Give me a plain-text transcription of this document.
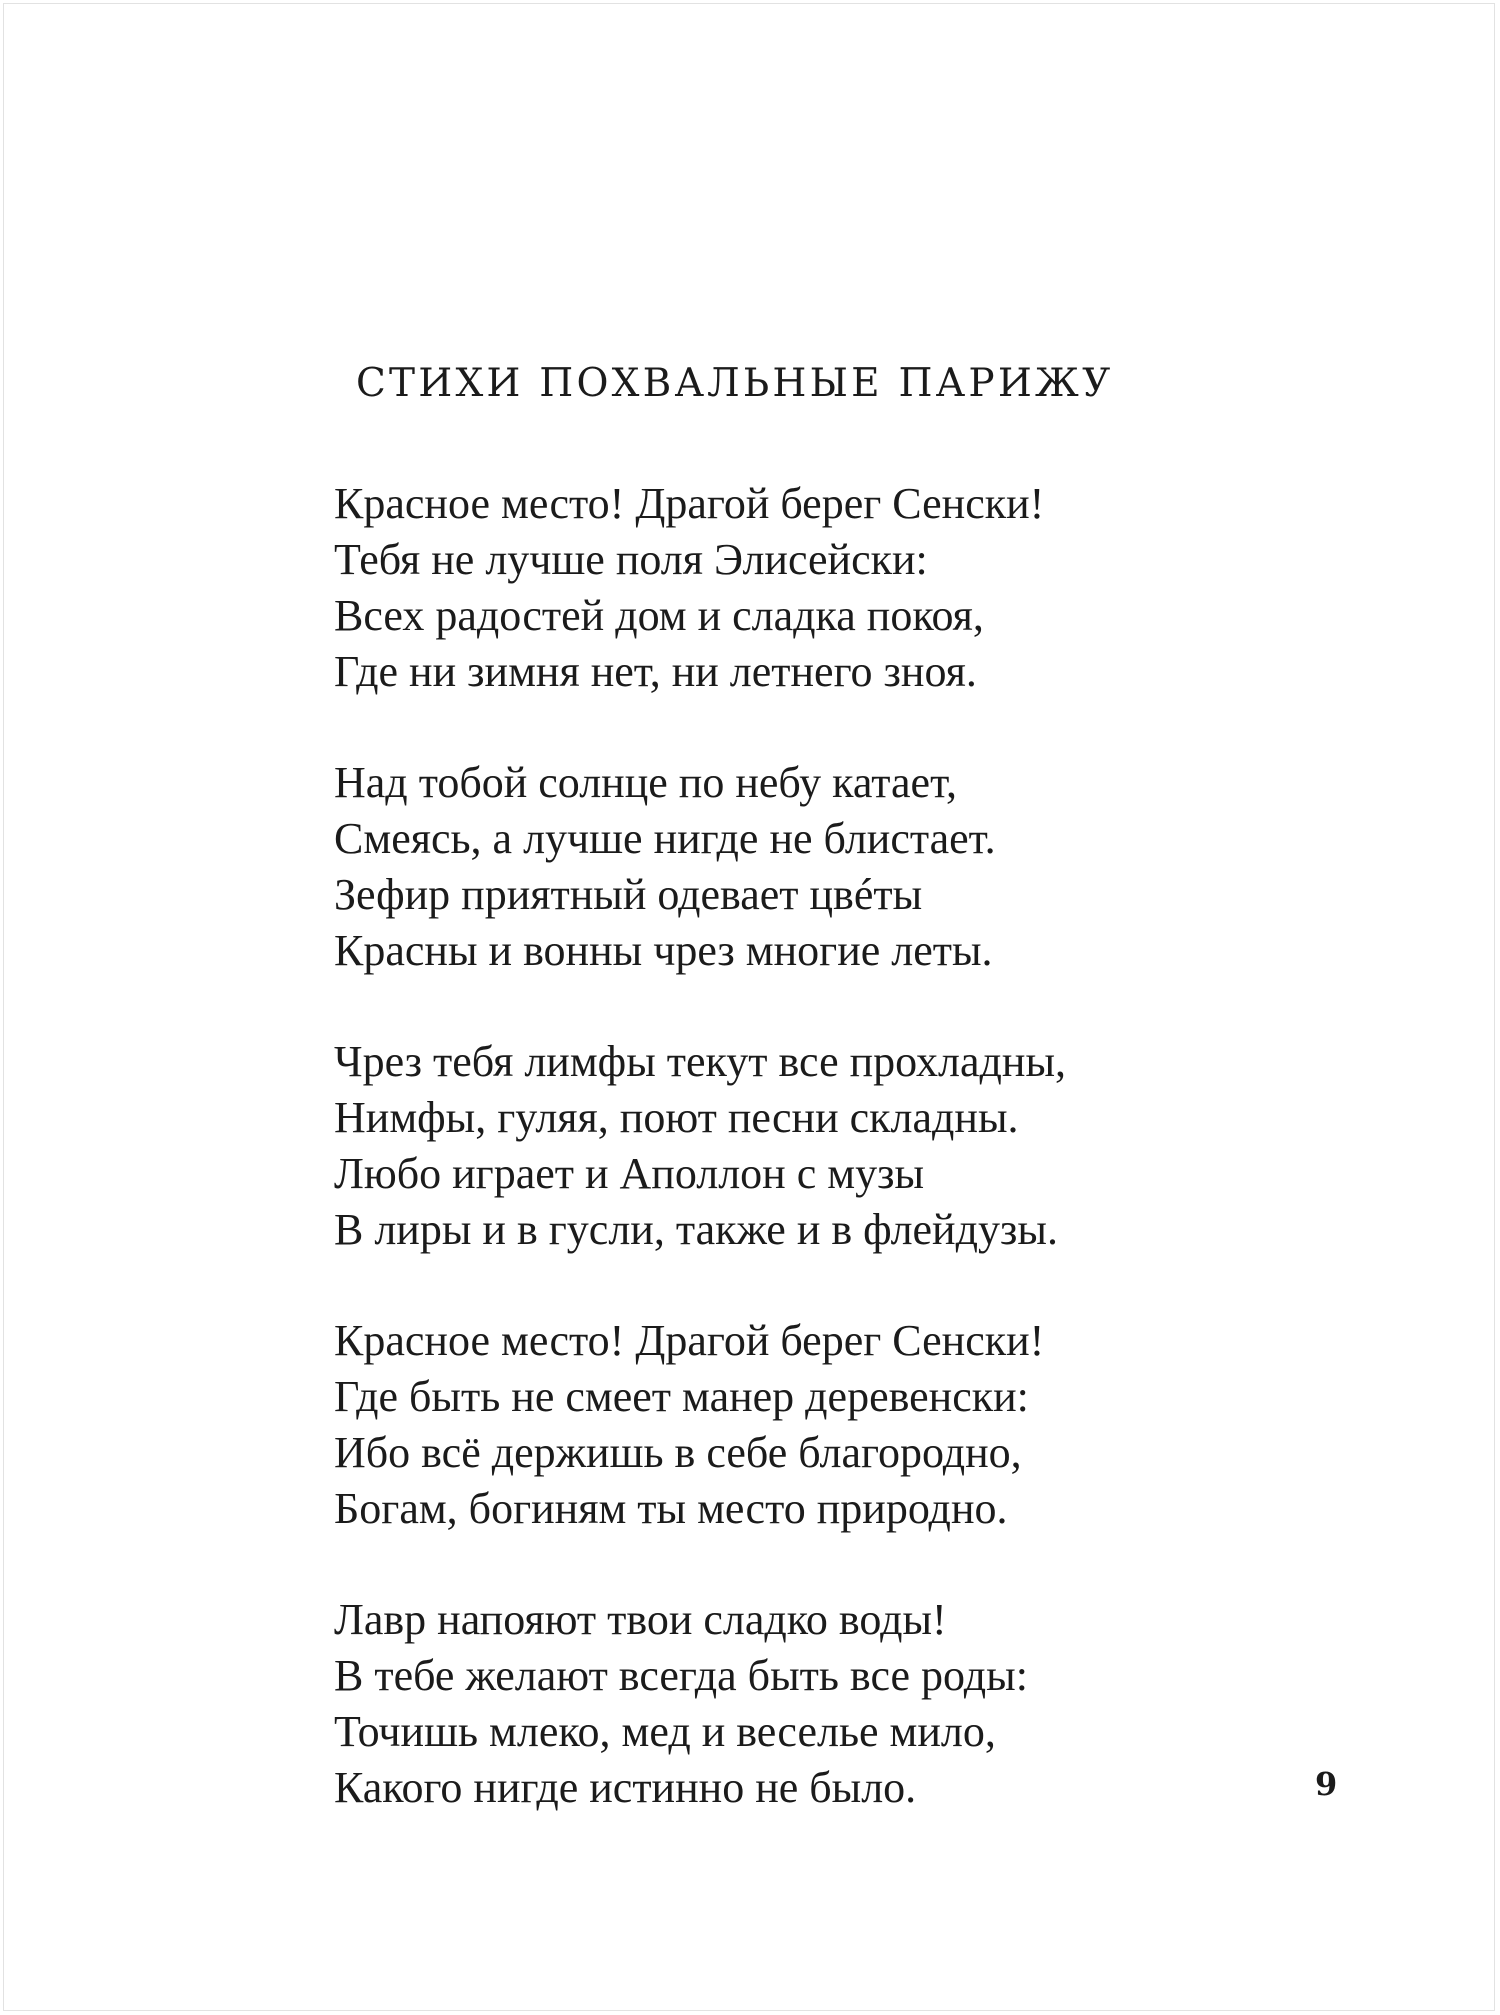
СТИХИ ПОХВАЛЬНЫЕ ПАРИЖУ
Красное место! Драгой берег Сенски!
Тебя не лучше поля Элисейски:
Всех радостей дом и сладка покоя,
Где ни зимня нет, ни летнего зноя.
Над тобой солнце по небу катает,
Смеясь, а лучше нигде не блистает.
Зефир приятный одевает цвéты
Красны и вонны чрез многие леты.
Чрез тебя лимфы текут все прохладны,
Нимфы, гуляя, поют песни складны.
Любо играет и Аполлон с музы
В лиры и в гусли, также и в флейдузы.
Красное место! Драгой берег Сенски!
Где быть не смеет манер деревенски:
Ибо всё держишь в себе благородно,
Богам, богиням ты место природно.
Лавр напояют твои сладко воды!
В тебе желают всегда быть все роды:
Точишь млеко, мед и веселье мило,
Какого нигде истинно не было.	9
